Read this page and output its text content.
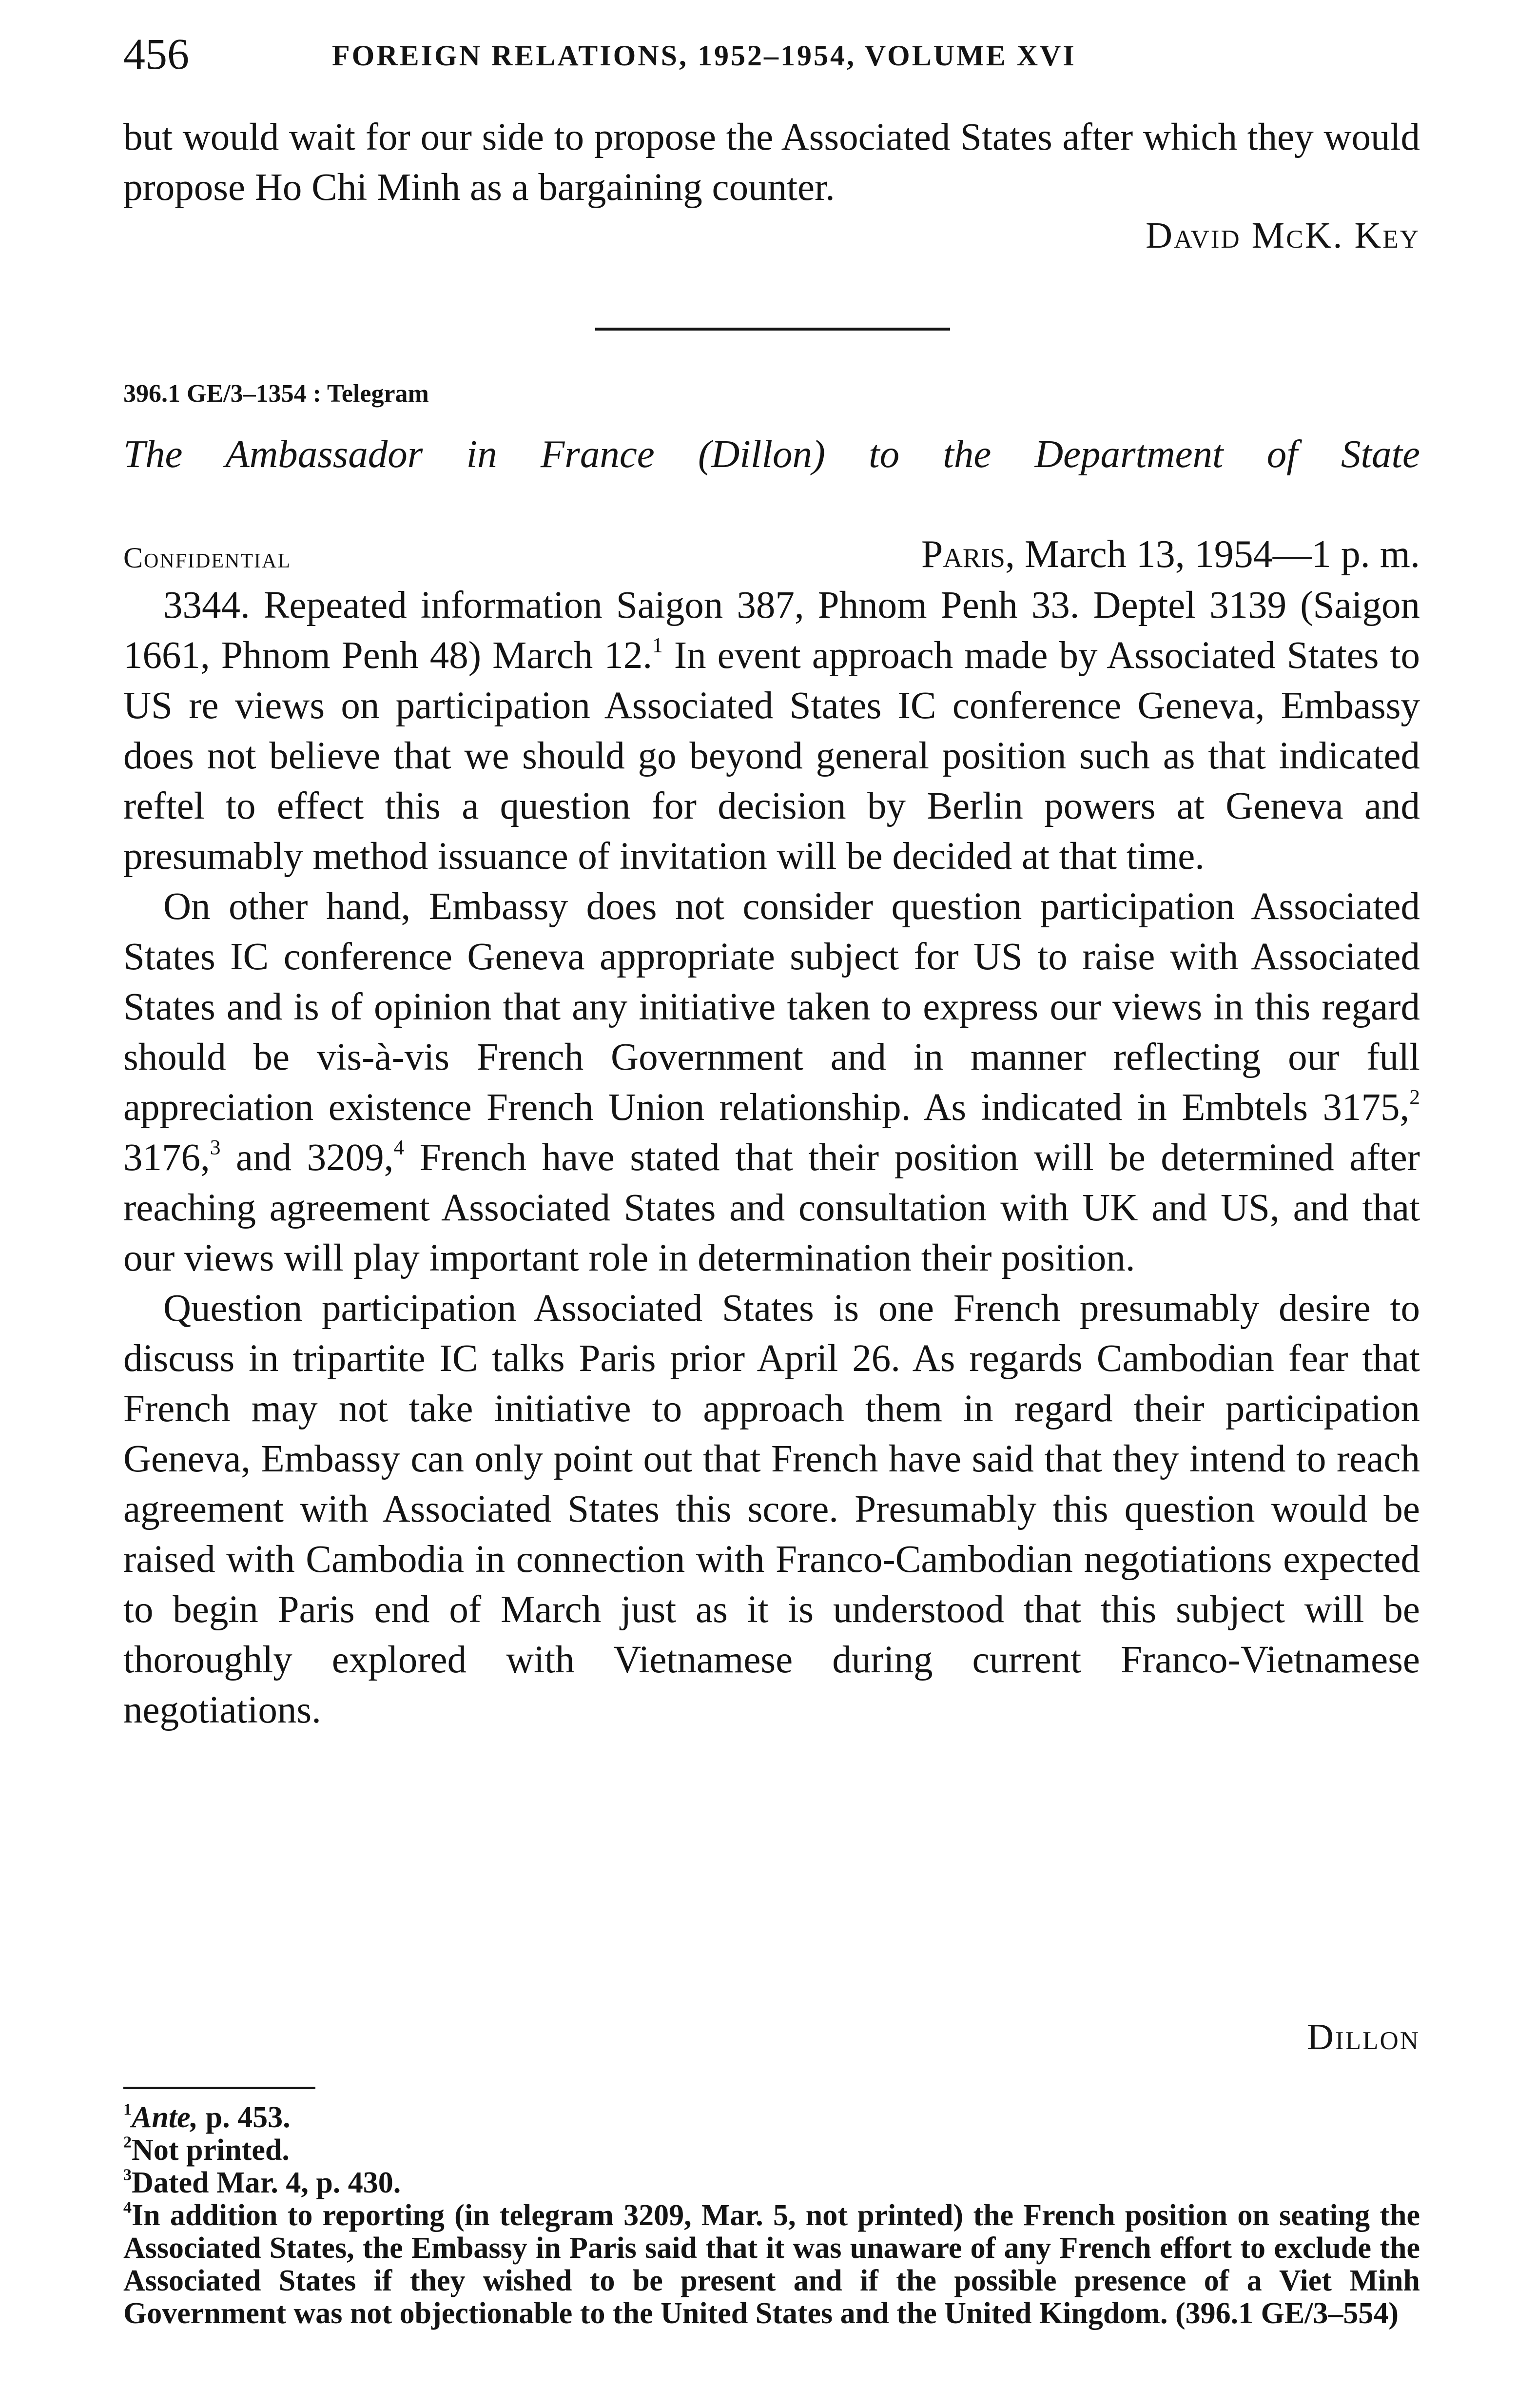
456	FOREIGN RELATIONS, 1952–1954, VOLUME XVI

but would wait for our side to propose the Associated States after which they would propose Ho Chi Minh as a bargaining counter.

David McK. Key
396.1 GE/3–1354 : Telegram
The Ambassador in France (Dillon) to the Department of State
Confidential	Paris, March 13, 1954—1 p. m.

3344. Repeated information Saigon 387, Phnom Penh 33. Deptel 3139 (Saigon 1661, Phnom Penh 48) March 12.$^1$ In event approach made by Associated States to US re views on participation Associated States IC conference Geneva, Embassy does not believe that we should go beyond general position such as that indicated reftel to effect this a question for decision by Berlin powers at Geneva and presumably method issuance of invitation will be decided at that time.

On other hand, Embassy does not consider question participation Associated States IC conference Geneva appropriate subject for US to raise with Associated States and is of opinion that any initiative taken to express our views in this regard should be vis-à-vis French Government and in manner reflecting our full appreciation existence French Union relationship. As indicated in Embtels 3175,$^2$ 3176,$^3$ and 3209,$^4$ French have stated that their position will be determined after reaching agreement Associated States and consultation with UK and US, and that our views will play important role in determination their position.

Question participation Associated States is one French presumably desire to discuss in tripartite IC talks Paris prior April 26. As regards Cambodian fear that French may not take initiative to approach them in regard their participation Geneva, Embassy can only point out that French have said that they intend to reach agreement with Associated States this score. Presumably this question would be raised with Cambodia in connection with Franco-Cambodian negotiations expected to begin Paris end of March just as it is understood that this subject will be thoroughly explored with Vietnamese during current Franco-Vietnamese negotiations.

Dillon

$^1$Ante, p. 453.

$^2$Not printed.

$^3$Dated Mar. 4, p. 430.

$^4$In addition to reporting (in telegram 3209, Mar. 5, not printed) the French position on seating the Associated States, the Embassy in Paris said that it was unaware of any French effort to exclude the Associated States if they wished to be present and if the possible presence of a Viet Minh Government was not objectionable to the United States and the United Kingdom. (396.1 GE/3–554)
